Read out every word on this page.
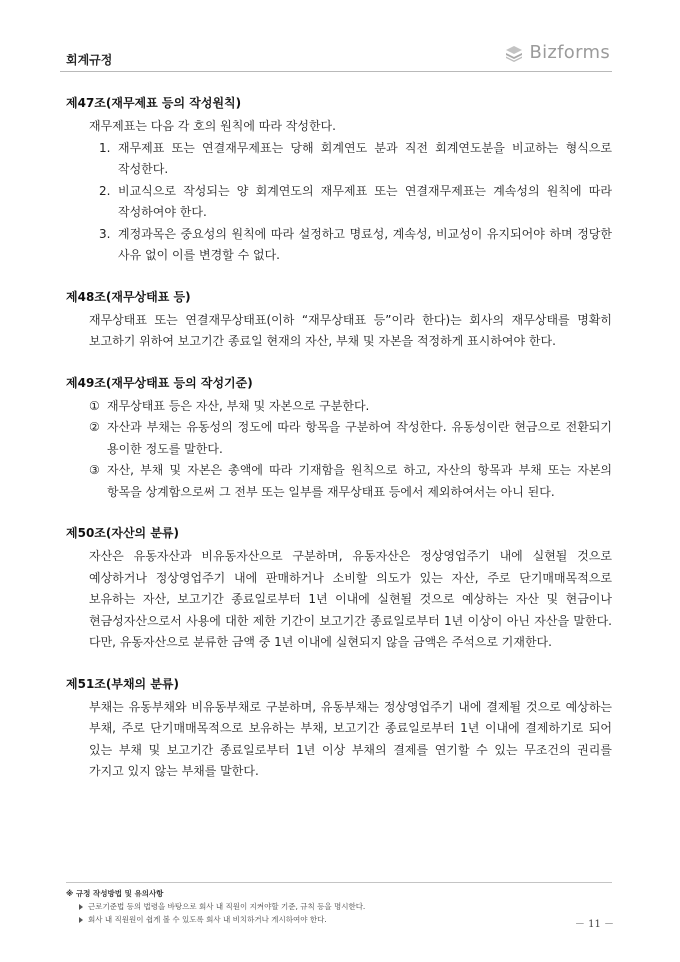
회계규정	Bizforms
제47조(재무제표 등의 작성원칙)
재무제표는 다음 각 호의 원칙에 따라 작성한다.
1. 재무제표 또는 연결재무제표는 당해 회계연도 분과 직전 회계연도분을 비교하는 형식으로 작성한다.
2. 비교식으로 작성되는 양 회계연도의 재무제표 또는 연결재무제표는 계속성의 원칙에 따라 작성하여야 한다.
3. 계정과목은 중요성의 원칙에 따라 설정하고 명료성, 계속성, 비교성이 유지되어야 하며 정당한 사유 없이 이를 변경할 수 없다.
제48조(재무상태표 등)
재무상태표 또는 연결재무상태표(이하 “재무상태표 등”이라 한다)는 회사의 재무상태를 명확히 보고하기 위하여 보고기간 종료일 현재의 자산, 부채 및 자본을 적정하게 표시하여야 한다.
제49조(재무상태표 등의 작성기준)
① 재무상태표 등은 자산, 부채 및 자본으로 구분한다.
② 자산과 부채는 유동성의 정도에 따라 항목을 구분하여 작성한다. 유동성이란 현금으로 전환되기 용이한 정도를 말한다.
③ 자산, 부채 및 자본은 총액에 따라 기재함을 원칙으로 하고, 자산의 항목과 부채 또는 자본의 항목을 상계함으로써 그 전부 또는 일부를 재무상태표 등에서 제외하여서는 아니 된다.
제50조(자산의 분류)
자산은 유동자산과 비유동자산으로 구분하며, 유동자산은 정상영업주기 내에 실현될 것으로 예상하거나 정상영업주기 내에 판매하거나 소비할 의도가 있는 자산, 주로 단기매매목적으로 보유하는 자산, 보고기간 종료일로부터 1년 이내에 실현될 것으로 예상하는 자산 및 현금이나 현금성자산으로서 사용에 대한 제한 기간이 보고기간 종료일로부터 1년 이상이 아닌 자산을 말한다. 다만, 유동자산으로 분류한 금액 중 1년 이내에 실현되지 않을 금액은 주석으로 기재한다.
제51조(부채의 분류)
부채는 유동부채와 비유동부채로 구분하며, 유동부채는 정상영업주기 내에 결제될 것으로 예상하는 부채, 주로 단기매매목적으로 보유하는 부채, 보고기간 종료일로부터 1년 이내에 결제하기로 되어 있는 부채 및 보고기간 종료일로부터 1년 이상 부채의 결제를 연기할 수 있는 무조건의 권리를 가지고 있지 않는 부채를 말한다.
※ 규정 작성방법 및 유의사항
근로기준법 등의 법령을 바탕으로 회사 내 직원이 지켜야할 기준, 규칙 등을 명시한다.
회사 내 직원원이 쉽게 볼 수 있도록 회사 내 비치하거나 게시하여야 한다.	－ 11 －
